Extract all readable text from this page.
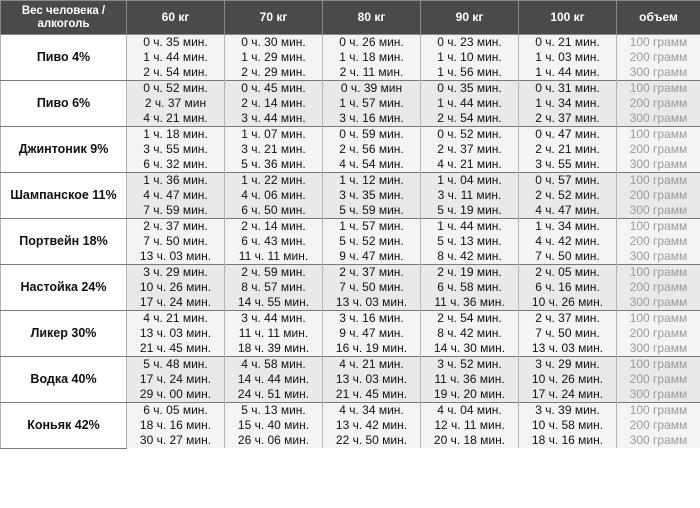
Вес человека / алкоголь	60 кг	70 кг	80 кг	90 кг	100 кг	объем
Пиво 4%	0 ч. 35 мин.	0 ч. 30 мин.	0 ч. 26 мин.	0 ч. 23 мин.	0 ч. 21 мин.	100 грамм
	1 ч. 44 мин.	1 ч. 29 мин.	1 ч. 18 мин.	1 ч. 10 мин.	1 ч. 03 мин.	200 грамм
	2 ч. 54 мин.	2 ч. 29 мин.	2 ч. 11 мин.	1 ч. 56 мин.	1 ч. 44 мин.	300 грамм
Пиво 6%	0 ч. 52 мин.	0 ч. 45 мин.	0 ч. 39 мин	0 ч. 35 мин.	0 ч. 31 мин.	100 грамм
	2 ч. 37 мин	2 ч. 14 мин.	1 ч. 57 мин.	1 ч. 44 мин.	1 ч. 34 мин.	200 грамм
	4 ч. 21 мин.	3 ч. 44 мин.	3 ч. 16 мин.	2 ч. 54 мин.	2 ч. 37 мин.	300 грамм
Джинтоник 9%	1 ч. 18 мин.	1 ч. 07 мин.	0 ч. 59 мин.	0 ч. 52 мин.	0 ч. 47 мин.	100 грамм
	3 ч. 55 мин.	3 ч. 21 мин.	2 ч. 56 мин.	2 ч. 37 мин.	2 ч. 21 мин.	200 грамм
	6 ч. 32 мин.	5 ч. 36 мин.	4 ч. 54 мин.	4 ч. 21 мин.	3 ч. 55 мин.	300 грамм
Шампанское 11%	1 ч. 36 мин.	1 ч. 22 мин.	1 ч. 12 мин.	1 ч. 04 мин.	0 ч. 57 мин.	100 грамм
	4 ч. 47 мин.	4 ч. 06 мин.	3 ч. 35 мин.	3 ч. 11 мин.	2 ч. 52 мин.	200 грамм
	7 ч. 59 мин.	6 ч. 50 мин.	5 ч. 59 мин.	5 ч. 19 мин.	4 ч. 47 мин.	300 грамм
Портвейн 18%	2 ч. 37 мин.	2 ч. 14 мин.	1 ч. 57 мин.	1 ч. 44 мин.	1 ч. 34 мин.	100 грамм
	7 ч. 50 мин.	6 ч. 43 мин.	5 ч. 52 мин.	5 ч. 13 мин.	4 ч. 42 мин.	200 грамм
	13 ч. 03 мин.	11 ч. 11 мин.	9 ч. 47 мин.	8 ч. 42 мин.	7 ч. 50 мин.	300 грамм
Настойка 24%	3 ч. 29 мин.	2 ч. 59 мин.	2 ч. 37 мин.	2 ч. 19 мин.	2 ч. 05 мин.	100 грамм
	10 ч. 26 мин.	8 ч. 57 мин.	7 ч. 50 мин.	6 ч. 58 мин.	6 ч. 16 мин.	200 грамм
	17 ч. 24 мин.	14 ч. 55 мин.	13 ч. 03 мин.	11 ч. 36 мин.	10 ч. 26 мин.	300 грамм
Ликер 30%	4 ч. 21 мин.	3 ч. 44 мин.	3 ч. 16 мин.	2 ч. 54 мин.	2 ч. 37 мин.	100 грамм
	13 ч. 03 мин.	11 ч. 11 мин.	9 ч. 47 мин.	8 ч. 42 мин.	7 ч. 50 мин.	200 грамм
	21 ч. 45 мин.	18 ч. 39 мин.	16 ч. 19 мин.	14 ч. 30 мин.	13 ч. 03 мин.	300 грамм
Водка 40%	5 ч. 48 мин.	4 ч. 58 мин.	4 ч. 21 мин.	3 ч. 52 мин.	3 ч. 29 мин.	100 грамм
	17 ч. 24 мин.	14 ч. 44 мин.	13 ч. 03 мин.	11 ч. 36 мин.	10 ч. 26 мин.	200 грамм
	29 ч. 00 мин.	24 ч. 51 мин.	21 ч. 45 мин.	19 ч. 20 мин.	17 ч. 24 мин.	300 грамм
Коньяк 42%	6 ч. 05 мин.	5 ч. 13 мин.	4 ч. 34 мин.	4 ч. 04 мин.	3 ч. 39 мин.	100 грамм
	18 ч. 16 мин.	15 ч. 40 мин.	13 ч. 42 мин.	12 ч. 11 мин.	10 ч. 58 мин.	200 грамм
	30 ч. 27 мин.	26 ч. 06 мин.	22 ч. 50 мин.	20 ч. 18 мин.	18 ч. 16 мин.	300 грамм
